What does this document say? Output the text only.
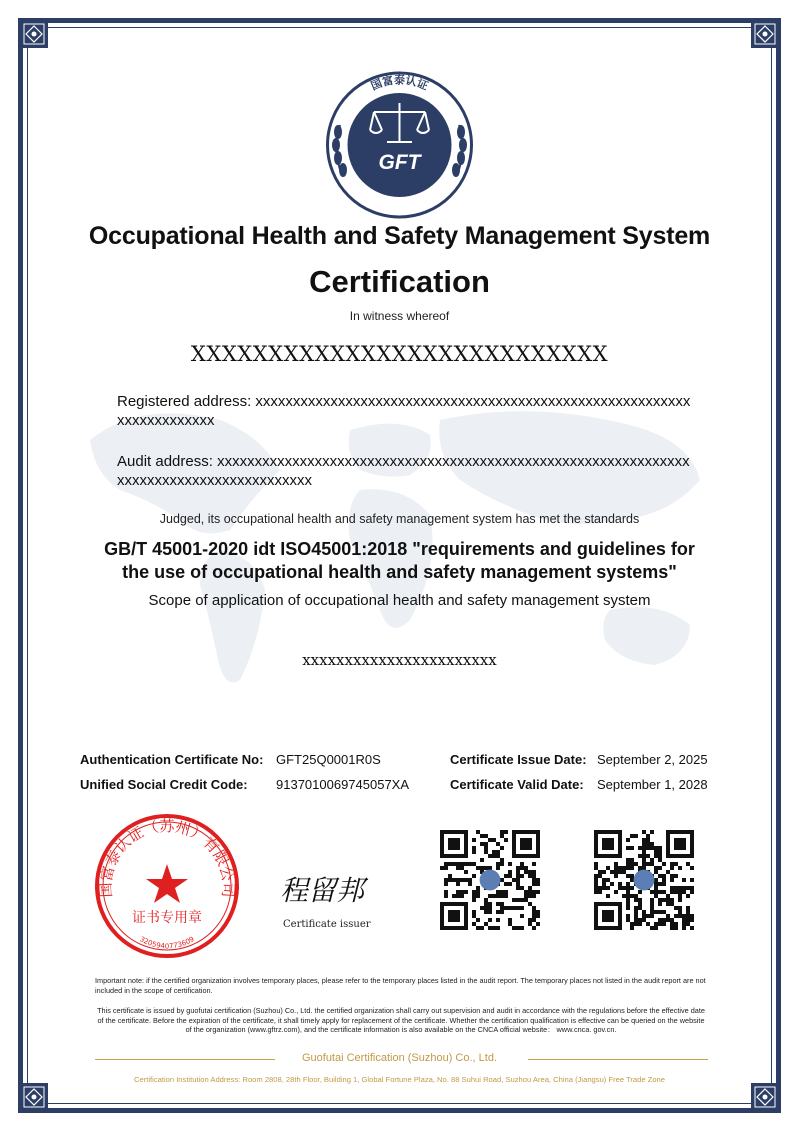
GFT
国富泰认证
Occupational Health and Safety Management System
Certification
In witness whereof
XXXXXXXXXXXXXXXXXXXXXXXXXXX
Registered address: xxxxxxxxxxxxxxxxxxxxxxxxxxxxxxxxxxxxxxxxxxxxxxxxxxxxxxxxxxxxxxxxxxxxxxx
Audit address: xxxxxxxxxxxxxxxxxxxxxxxxxxxxxxxxxxxxxxxxxxxxxxxxxxxxxxxxxxxxxxxxxxxxxxxxxxxxxxxxxxxxxxxxx
Judged, its occupational health and safety management system has met the standards
GB/T 45001-2020 idt ISO45001:2018 "requirements and guidelines for
the use of occupational health and safety management systems"
Scope of application of occupational health and safety management system
xxxxxxxxxxxxxxxxxxxxxxx
Authentication Certificate No: GFT25Q0001R0S
Unified Social Credit Code: 9137010069745057XA
Certificate Issue Date: September 2, 2025
Certificate Valid Date: September 1, 2028
国富泰认证（苏州）有限公司
证书专用章
3205940773609
程留邦
Certificate issuer
Important note: if the certified organization involves temporary places, please refer to the temporary places listed in the audit report. The temporary places not listed in the audit report are not included in the scope of certification.
This certificate is issued by guofutai certification (Suzhou) Co., Ltd. the certified organization shall carry out supervision and audit in accordance with the regulations before the effective date of the certificate. Before the expiration of the certificate, it shall timely apply for replacement of the certificate. Whether the certification qualification is effective can be queried on the website of the organization (www.gftrz.com), and the certificate information is also available on the CNCA official website： www.cnca. gov.cn.
Guofutai Certification (Suzhou) Co., Ltd.
Certification Institution Address: Room 2808, 28th Floor, Building 1, Global Fortune Plaza, No. 88 Suhui Road, Suzhou Area, China (Jiangsu) Free Trade Zone
